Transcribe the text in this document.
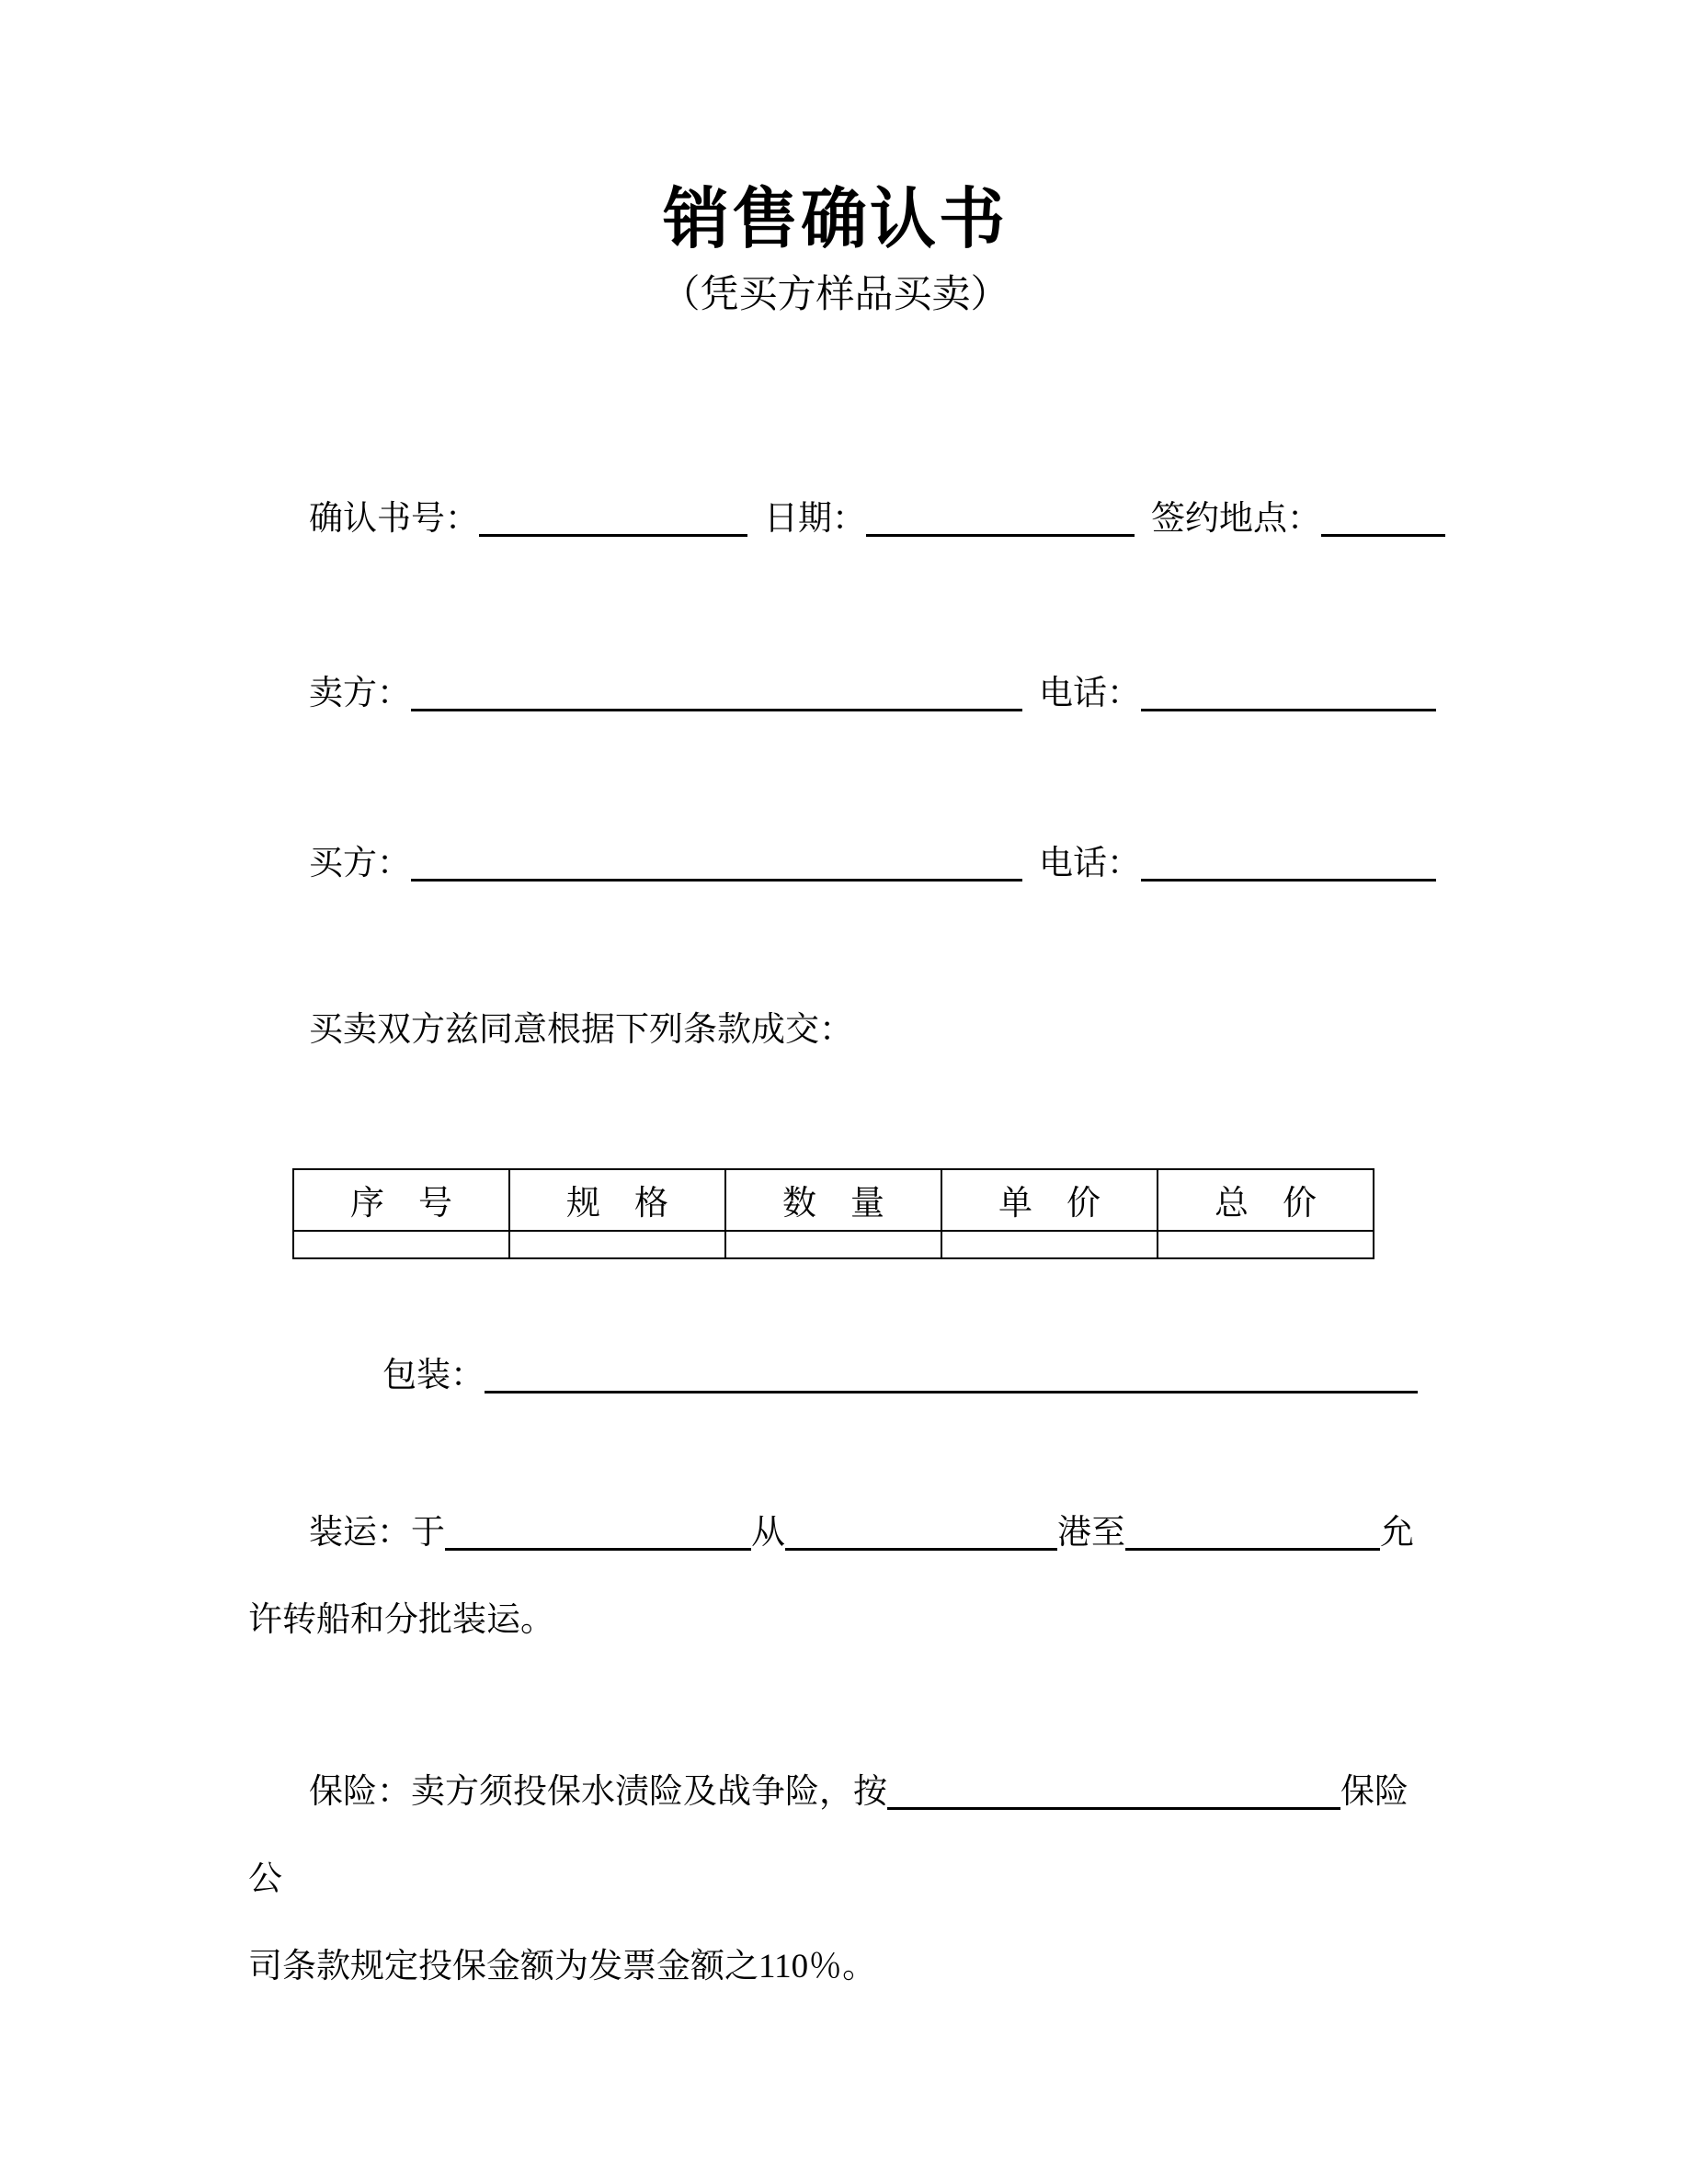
销售确认书
（凭买方样品买卖）

确认书号：	日期：	签约地点：

卖方：	电话：

买方：	电话：

买卖双方兹同意根据下列条款成交：

序　号	规　格	数　量	单　价	总　价

包装：

装运：于	从	港至	允
许转船和分批装运。

保险：卖方须投保水渍险及战争险，按	保险公
司条款规定投保金额为发票金额之110％。
